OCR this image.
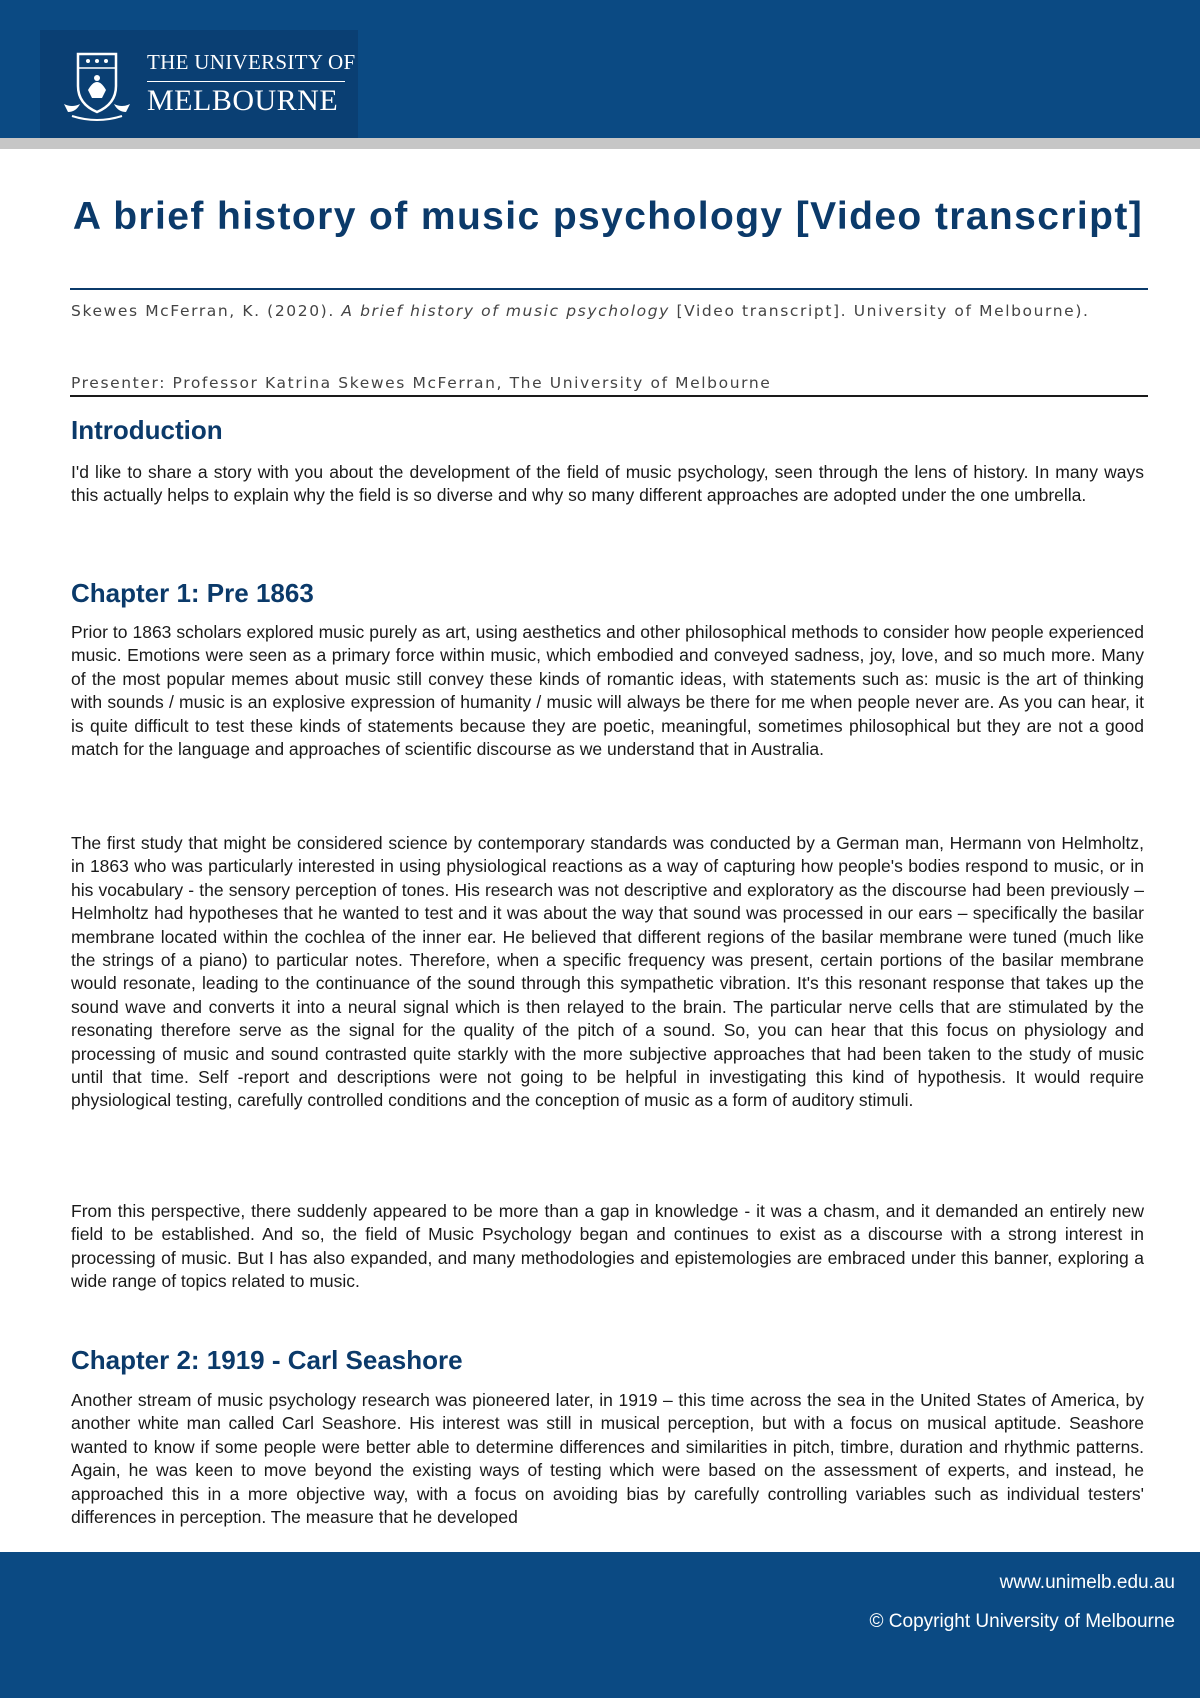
THE UNIVERSITY OF
MELBOURNE
A brief history of music psychology [Video transcript]
Skewes McFerran, K. (2020). A brief history of music psychology [Video transcript]. University of Melbourne).
Presenter: Professor Katrina Skewes McFerran, The University of Melbourne
Introduction

I'd like to share a story with you about the development of the field of music psychology, seen through the lens of history. In many ways this actually helps to explain why the field is so diverse and why so many different approaches are adopted under the one umbrella.

Chapter 1: Pre 1863

Prior to 1863 scholars explored music purely as art, using aesthetics and other philosophical methods to consider how people experienced music. Emotions were seen as a primary force within music, which embodied and conveyed sadness, joy, love, and so much more. Many of the most popular memes about music still convey these kinds of romantic ideas, with statements such as: music is the art of thinking with sounds / music is an explosive expression of humanity / music will always be there for me when people never are. As you can hear, it is quite difficult to test these kinds of statements because they are poetic, meaningful, sometimes philosophical but they are not a good match for the language and approaches of scientific discourse as we understand that in Australia.

The first study that might be considered science by contemporary standards was conducted by a German man, Hermann von Helmholtz, in 1863 who was particularly interested in using physiological reactions as a way of capturing how people's bodies respond to music, or in his vocabulary - the sensory perception of tones. His research was not descriptive and exploratory as the discourse had been previously – Helmholtz had hypotheses that he wanted to test and it was about the way that sound was processed in our ears – specifically the basilar membrane located within the cochlea of the inner ear. He believed that different regions of the basilar membrane were tuned (much like the strings of a piano) to particular notes. Therefore, when a specific frequency was present, certain portions of the basilar membrane would resonate, leading to the continuance of the sound through this sympathetic vibration. It's this resonant response that takes up the sound wave and converts it into a neural signal which is then relayed to the brain. The particular nerve cells that are stimulated by the resonating therefore serve as the signal for the quality of the pitch of a sound. So, you can hear that this focus on physiology and processing of music and sound contrasted quite starkly with the more subjective approaches that had been taken to the study of music until that time. Self -report and descriptions were not going to be helpful in investigating this kind of hypothesis. It would require physiological testing, carefully controlled conditions and the conception of music as a form of auditory stimuli.

From this perspective, there suddenly appeared to be more than a gap in knowledge - it was a chasm, and it demanded an entirely new field to be established. And so, the field of Music Psychology began and continues to exist as a discourse with a strong interest in processing of music. But I has also expanded, and many methodologies and epistemologies are embraced under this banner, exploring a wide range of topics related to music.

Chapter 2: 1919 - Carl Seashore

Another stream of music psychology research was pioneered later, in 1919 – this time across the sea in the United States of America, by another white man called Carl Seashore. His interest was still in musical perception, but with a focus on musical aptitude. Seashore wanted to know if some people were better able to determine differences and similarities in pitch, timbre, duration and rhythmic patterns. Again, he was keen to move beyond the existing ways of testing which were based on the assessment of experts, and instead, he approached this in a more objective way, with a focus on avoiding bias by carefully controlling variables such as individual testers' differences in perception. The measure that he developed

www.unimelb.edu.au
© Copyright University of Melbourne
